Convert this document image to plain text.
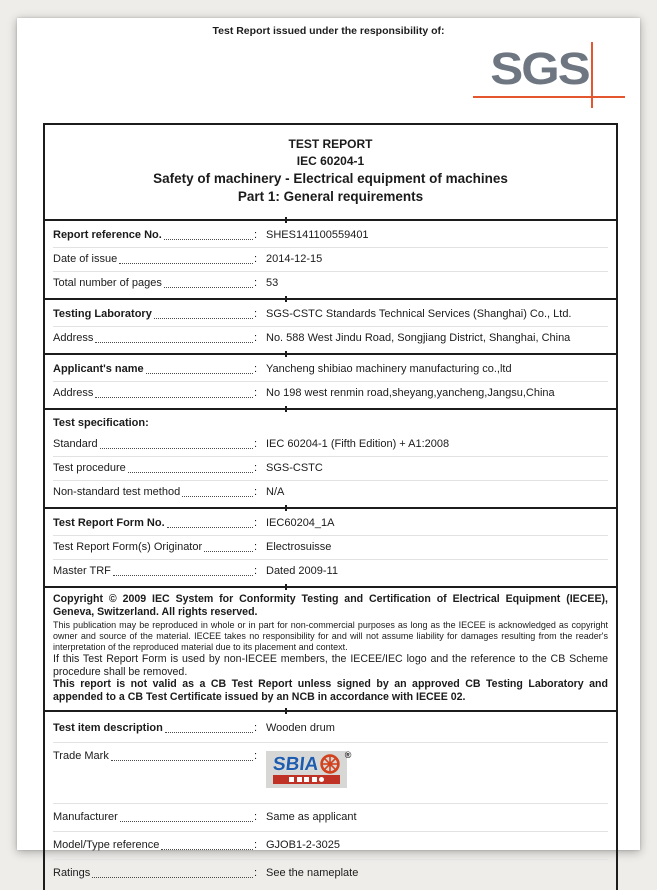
Test Report issued under the responsibility of:
SGS
TEST REPORT
IEC 60204-1
Safety of machinery - Electrical equipment of machines
Part 1: General requirements
Report reference No.	: SHES141100559401
Date of issue	: 2014-12-15
Total number of pages	: 53
Testing Laboratory	: SGS-CSTC Standards Technical Services (Shanghai) Co., Ltd.
Address	: No. 588 West Jindu Road, Songjiang District, Shanghai, China
Applicant's name	: Yancheng shibiao machinery manufacturing co.,ltd
Address	: No 198 west renmin road,sheyang,yancheng,Jangsu,China
Test specification:
Standard	: IEC 60204-1 (Fifth Edition) + A1:2008
Test procedure	: SGS-CSTC
Non-standard test method	: N/A
Test Report Form No.	: IEC60204_1A
Test Report Form(s) Originator	: Electrosuisse
Master TRF	: Dated 2009-11

Copyright © 2009 IEC System for Conformity Testing and Certification of Electrical Equipment (IECEE), Geneva, Switzerland. All rights reserved.

This publication may be reproduced in whole or in part for non-commercial purposes as long as the IECEE is acknowledged as copyright owner and source of the material. IECEE takes no responsibility for and will not assume liability for damages resulting from the reader's interpretation of the reproduced material due to its placement and context.

If this Test Report Form is used by non-IECEE members, the IECEE/IEC logo and the reference to the CB Scheme procedure shall be removed.

This report is not valid as a CB Test Report unless signed by an approved CB Testing Laboratory and appended to a CB Test Certificate issued by an NCB in accordance with IECEE 02.

Test item description	: Wooden drum
Trade Mark	:	®
SBIA
Manufacturer	: Same as applicant
Model/Type reference	: GJOB1-2-3025
Ratings	: See the nameplate
